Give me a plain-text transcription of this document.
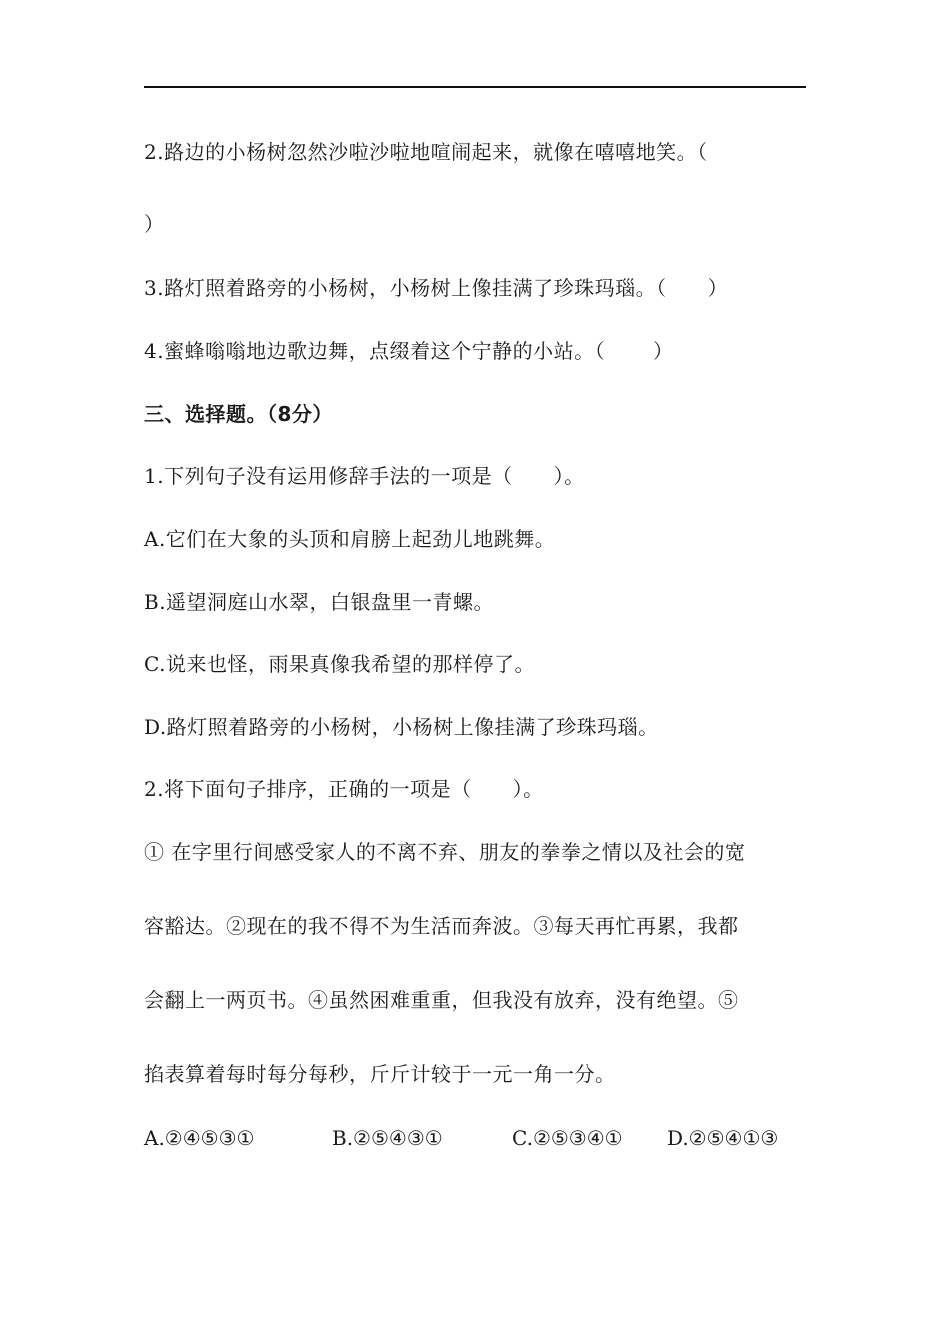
2.路边的小杨树忽然沙啦沙啦地喧闹起来，就像在嘻嘻地笑。（
）
3.路灯照着路旁的小杨树，小杨树上像挂满了珍珠玛瑙。（　　）
4.蜜蜂嗡嗡地边歌边舞，点缀着这个宁静的小站。（　　 ）
三、选择题。（8分）
1.下列句子没有运用修辞手法的一项是（　　）。
A.它们在大象的头顶和肩膀上起劲儿地跳舞。
B.遥望洞庭山水翠，白银盘里一青螺。
C.说来也怪，雨果真像我希望的那样停了。
D.路灯照着路旁的小杨树，小杨树上像挂满了珍珠玛瑙。
2.将下面句子排序，正确的一项是（　　）。
① 在字里行间感受家人的不离不弃、朋友的拳拳之情以及社会的宽
容豁达。②现在的我不得不为生活而奔波。③每天再忙再累，我都
会翻上一两页书。④虽然困难重重，但我没有放弃，没有绝望。⑤
掐表算着每时每分每秒，斤斤计较于一元一角一分。
A.②④⑤③①	B.②⑤④③①	C.②⑤③④① D.②⑤④①③
